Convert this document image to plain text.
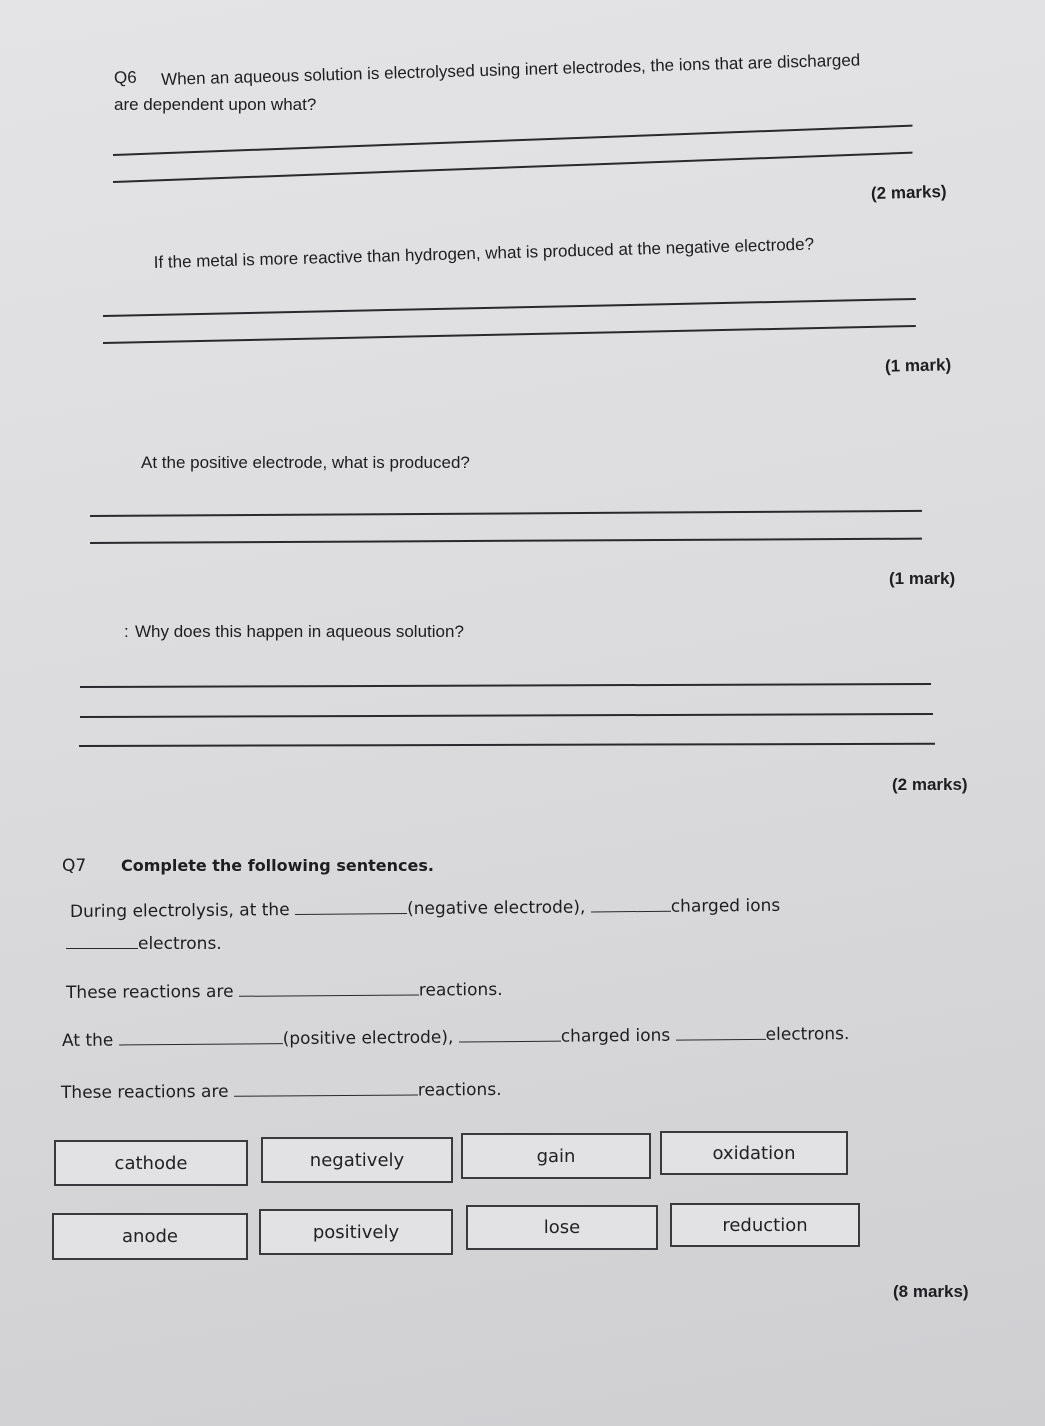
Q6 When an aqueous solution is electrolysed using inert electrodes, the ions that are discharged
are dependent upon what?
(2 marks)
If the metal is more reactive than hydrogen, what is produced at the negative electrode?
(1 mark)
At the positive electrode, what is produced?
(1 mark)
: Why does this happen in aqueous solution?
(2 marks)
Q7 Complete the following sentences.
During electrolysis, at the	(negative electrode),	charged ions
electrons.
These reactions are	reactions.
At the	(positive electrode),	charged ions	electrons.
These reactions are	reactions.
cathode	negatively	gain	oxidation
anode	positively	lose	reduction
(8 marks)
